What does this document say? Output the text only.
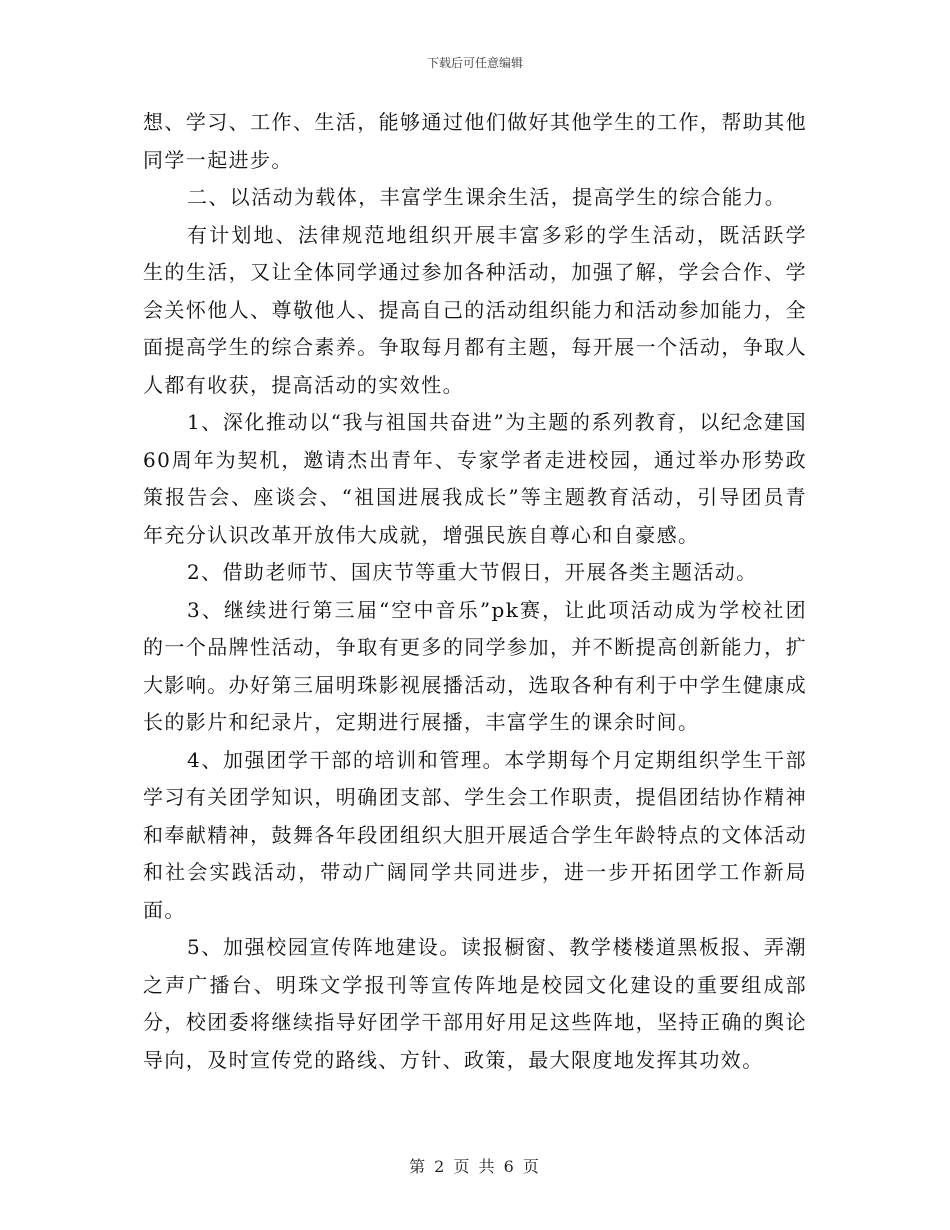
下载后可任意编辑

想、学习、工作、生活，能够通过他们做好其他学生的工作，帮助其他同学一起进步。

二、以活动为载体，丰富学生课余生活，提高学生的综合能力。

有计划地、法律规范地组织开展丰富多彩的学生活动，既活跃学生的生活，又让全体同学通过参加各种活动，加强了解，学会合作、学会关怀他人、尊敬他人、提高自己的活动组织能力和活动参加能力，全面提高学生的综合素养。争取每月都有主题，每开展一个活动，争取人人都有收获，提高活动的实效性。

1、深化推动以“我与祖国共奋进”为主题的系列教育，以纪念建国60周年为契机，邀请杰出青年、专家学者走进校园，通过举办形势政策报告会、座谈会、“祖国进展我成长”等主题教育活动，引导团员青年充分认识改革开放伟大成就，增强民族自尊心和自豪感。

2、借助老师节、国庆节等重大节假日，开展各类主题活动。

3、继续进行第三届“空中音乐”pk赛，让此项活动成为学校社团的一个品牌性活动，争取有更多的同学参加，并不断提高创新能力，扩大影响。办好第三届明珠影视展播活动，选取各种有利于中学生健康成长的影片和纪录片，定期进行展播，丰富学生的课余时间。

4、加强团学干部的培训和管理。本学期每个月定期组织学生干部学习有关团学知识，明确团支部、学生会工作职责，提倡团结协作精神和奉献精神，鼓舞各年段团组织大胆开展适合学生年龄特点的文体活动和社会实践活动，带动广阔同学共同进步，进一步开拓团学工作新局面。

5、加强校园宣传阵地建设。读报橱窗、教学楼楼道黑板报、弄潮之声广播台、明珠文学报刊等宣传阵地是校园文化建设的重要组成部分，校团委将继续指导好团学干部用好用足这些阵地，坚持正确的舆论导向，及时宣传党的路线、方针、政策，最大限度地发挥其功效。

第 2 页 共 6 页
